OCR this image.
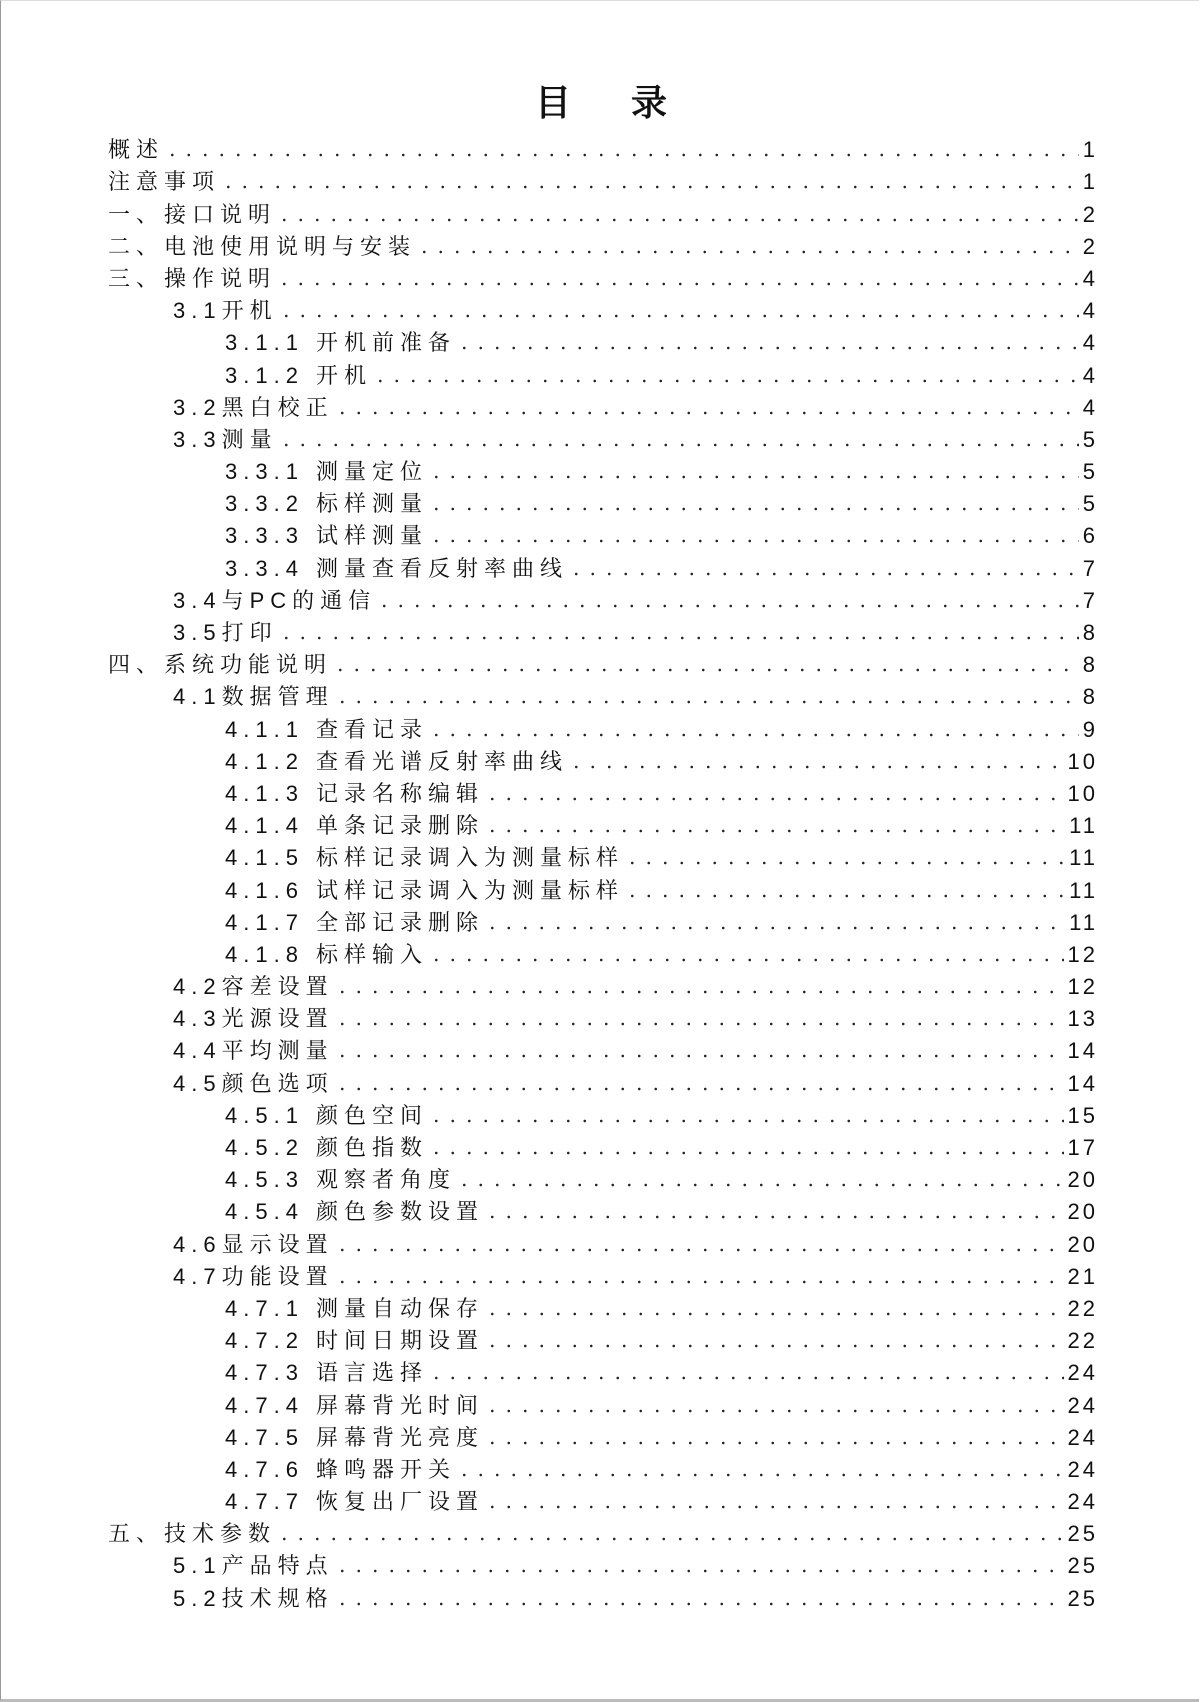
目 录
概述	1
注意事项	1
一、接口说明	2
二、电池使用说明与安装	2
三、操作说明	4
3.1开机	4
3.1.1 开机前准备	4
3.1.2 开机	4
3.2黑白校正	4
3.3测量	5
3.3.1 测量定位	5
3.3.2 标样测量	5
3.3.3 试样测量	6
3.3.4 测量查看反射率曲线	7
3.4与PC的通信	7
3.5打印	8
四、系统功能说明	8
4.1数据管理	8
4.1.1 查看记录	9
4.1.2 查看光谱反射率曲线	10
4.1.3 记录名称编辑	10
4.1.4 单条记录删除	11
4.1.5 标样记录调入为测量标样	11
4.1.6 试样记录调入为测量标样	11
4.1.7 全部记录删除	11
4.1.8 标样输入	12
4.2容差设置	12
4.3光源设置	13
4.4平均测量	14
4.5颜色选项	14
4.5.1 颜色空间	15
4.5.2 颜色指数	17
4.5.3 观察者角度	20
4.5.4 颜色参数设置	20
4.6显示设置	20
4.7功能设置	21
4.7.1 测量自动保存	22
4.7.2 时间日期设置	22
4.7.3 语言选择	24
4.7.4 屏幕背光时间	24
4.7.5 屏幕背光亮度	24
4.7.6 蜂鸣器开关	24
4.7.7 恢复出厂设置	24
五、技术参数	25
5.1产品特点	25
5.2技术规格	25
